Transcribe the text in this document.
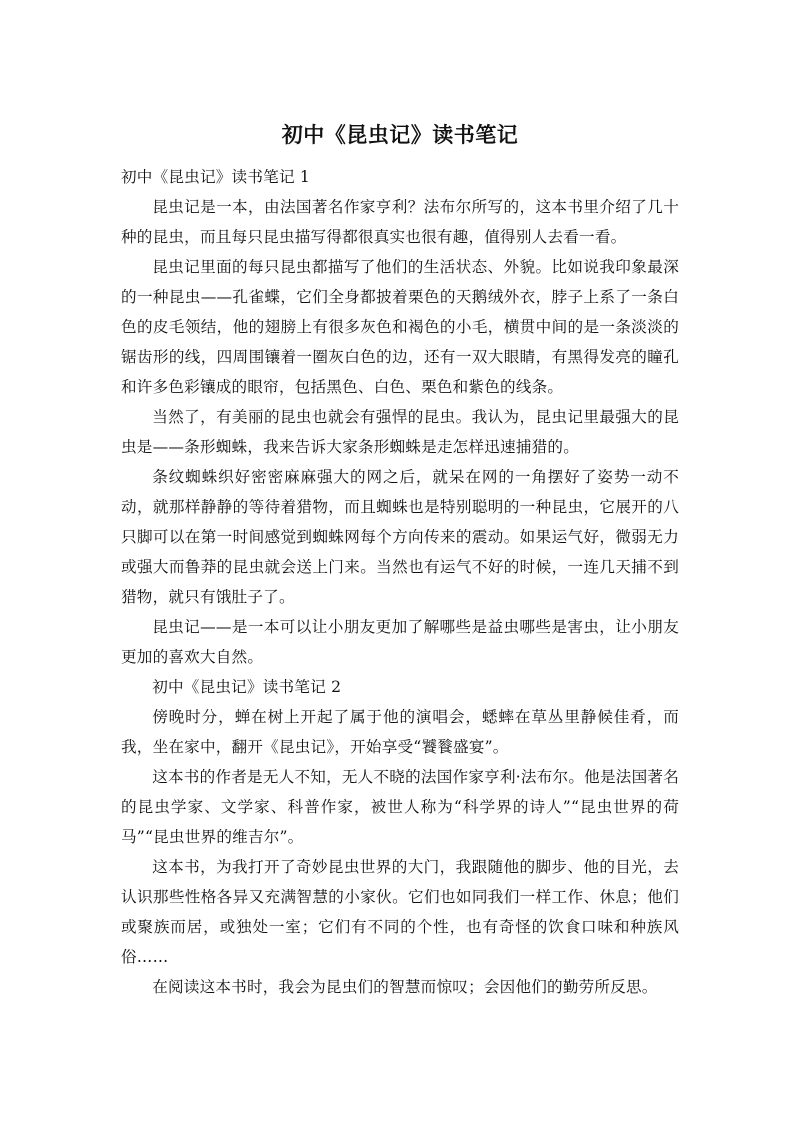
初中《昆虫记》读书笔记

初中《昆虫记》读书笔记 1

昆虫记是一本，由法国著名作家亨利？法布尔所写的，这本书里介绍了几十种的昆虫，而且每只昆虫描写得都很真实也很有趣，值得别人去看一看。

昆虫记里面的每只昆虫都描写了他们的生活状态、外貌。比如说我印象最深的一种昆虫——孔雀蝶，它们全身都披着栗色的天鹅绒外衣，脖子上系了一条白色的皮毛领结，他的翅膀上有很多灰色和褐色的小毛，横贯中间的是一条淡淡的锯齿形的线，四周围镶着一圈灰白色的边，还有一双大眼睛，有黑得发亮的瞳孔和许多色彩镶成的眼帘，包括黑色、白色、栗色和紫色的线条。

当然了，有美丽的昆虫也就会有强悍的昆虫。我认为，昆虫记里最强大的昆虫是——条形蜘蛛，我来告诉大家条形蜘蛛是走怎样迅速捕猎的。

条纹蜘蛛织好密密麻麻强大的网之后，就呆在网的一角摆好了姿势一动不动，就那样静静的等待着猎物，而且蜘蛛也是特别聪明的一种昆虫，它展开的八只脚可以在第一时间感觉到蜘蛛网每个方向传来的震动。如果运气好，微弱无力或强大而鲁莽的昆虫就会送上门来。当然也有运气不好的时候，一连几天捕不到猎物，就只有饿肚子了。

昆虫记——是一本可以让小朋友更加了解哪些是益虫哪些是害虫，让小朋友更加的喜欢大自然。

初中《昆虫记》读书笔记 2

傍晚时分，蝉在树上开起了属于他的演唱会，蟋蟀在草丛里静候佳肴，而我，坐在家中，翻开《昆虫记》，开始享受“饕餮盛宴”。

这本书的作者是无人不知，无人不晓的法国作家亨利·法布尔。他是法国著名的昆虫学家、文学家、科普作家，被世人称为“科学界的诗人”“昆虫世界的荷马”“昆虫世界的维吉尔”。

这本书，为我打开了奇妙昆虫世界的大门，我跟随他的脚步、他的目光，去认识那些性格各异又充满智慧的小家伙。它们也如同我们一样工作、休息；他们或聚族而居，或独处一室；它们有不同的个性，也有奇怪的饮食口味和种族风俗……

在阅读这本书时，我会为昆虫们的智慧而惊叹；会因他们的勤劳所反思。
